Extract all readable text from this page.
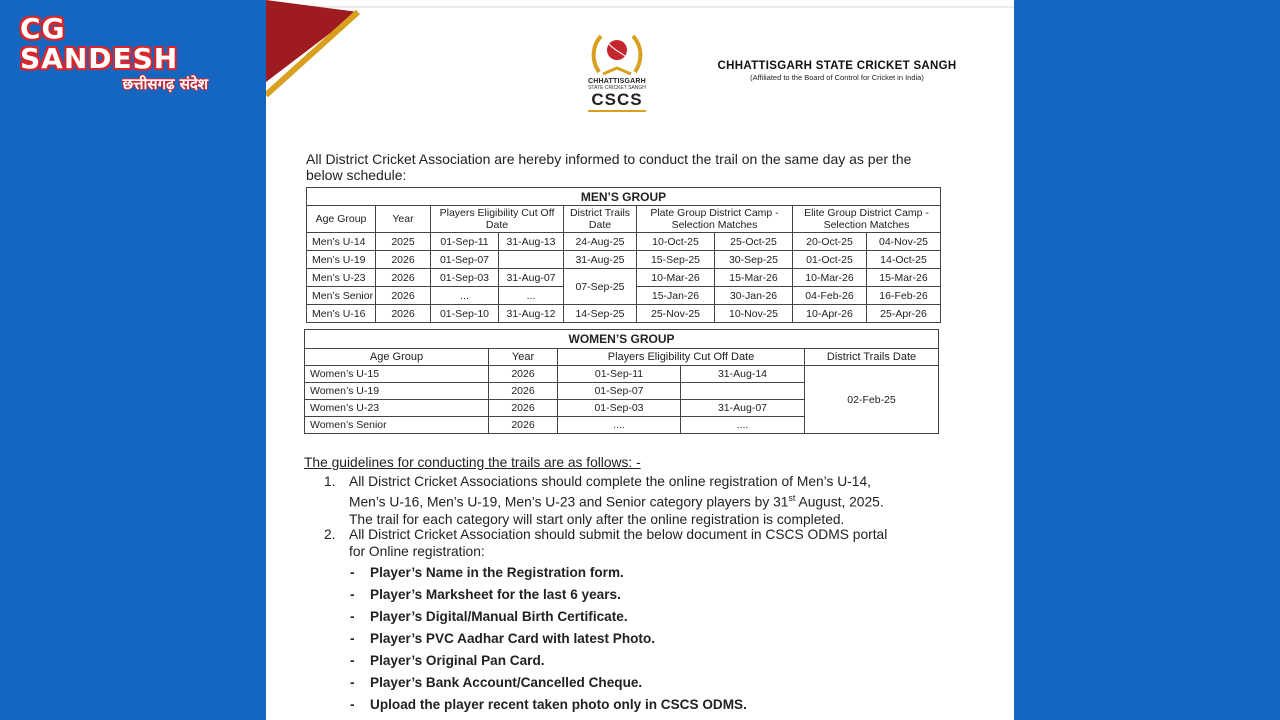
CG SANDESH
छत्तीसगढ़ संदेश	CHHATTISGARH
STATE CRICKET SANGH
CSCS
CHHATTISGARH STATE CRICKET SANGH
(Affiliated to the Board of Control for Cricket in India)
All District Cricket Association are hereby informed to conduct the trail on the same day as per the below schedule:
MEN’S GROUP								
Age Group	Year	Players Eligibility Cut Off Date		District Trails Date	Plate Group District Camp - Selection Matches		Elite Group District Camp - Selection Matches	
Men’s U-14	2025	01-Sep-11	31-Aug-13	24-Aug-25	10-Oct-25	25-Oct-25	20-Oct-25	04-Nov-25
Men’s U-19	2026	01-Sep-07		31-Aug-25	15-Sep-25	30-Sep-25	01-Oct-25	14-Oct-25
Men’s U-23	2026	01-Sep-03	31-Aug-07	07-Sep-25	10-Mar-26	15-Mar-26	10-Mar-26	15-Mar-26
Men’s Senior	2026	...	...		15-Jan-26	30-Jan-26	04-Feb-26	16-Feb-26
Men’s U-16	2026	01-Sep-10	31-Aug-12	14-Sep-25	25-Nov-25	10-Nov-25	10-Apr-26	25-Apr-26
WOMEN’S GROUP				
Age Group	Year	Players Eligibility Cut Off Date		District Trails Date
Women’s U-15	2026	01-Sep-11	31-Aug-14	02-Feb-25
Women’s U-19	2026	01-Sep-07		
Women’s U-23	2026	01-Sep-03	31-Aug-07	
Women’s Senior	2026	....	....	
The guidelines for conducting the trails are as follows: -
1. All District Cricket Associations should complete the online registration of Men’s U-14,
Men’s U-16, Men’s U-19, Men’s U-23 and Senior category players by 31st August, 2025.
The trail for each category will start only after the online registration is completed.
2. All District Cricket Association should submit the below document in CSCS ODMS portal
for Online registration:
- Player’s Name in the Registration form.
- Player’s Marksheet for the last 6 years.
- Player’s Digital/Manual Birth Certificate.
- Player’s PVC Aadhar Card with latest Photo.
- Player’s Original Pan Card.
- Player’s Bank Account/Cancelled Cheque.
- Upload the player recent taken photo only in CSCS ODMS.
